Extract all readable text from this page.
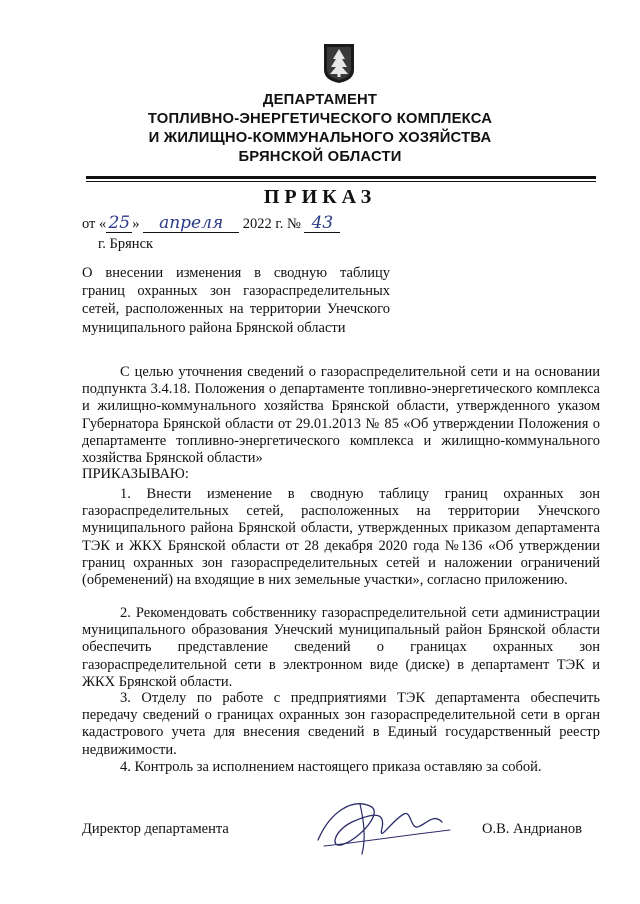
ДЕПАРТАМЕНТ
ТОПЛИВНО-ЭНЕРГЕТИЧЕСКОГО КОМПЛЕКСА
И ЖИЛИЩНО-КОММУНАЛЬНОГО ХОЗЯЙСТВА
БРЯНСКОЙ ОБЛАСТИ
ПРИКАЗ
от « 25 » апреля 2022 г. № 43
г. Брянск
О внесении изменения в сводную таблицу границ охранных зон газораспределительных сетей, расположенных на территории Унечского муниципального района Брянской области
С целью уточнения сведений о газораспределительной сети и на основании подпункта 3.4.18. Положения о департаменте топливно-энергетического комплекса и жилищно-коммунального хозяйства Брянской области, утвержденного указом Губернатора Брянской области от 29.01.2013 № 85 «Об утверждении Положения о департаменте топливно-энергетического комплекса и жилищно-коммунального хозяйства Брянской области»
ПРИКАЗЫВАЮ:
1. Внести изменение в сводную таблицу границ охранных зон газораспределительных сетей, расположенных на территории Унечского муниципального района Брянской области, утвержденных приказом департамента ТЭК и ЖКХ Брянской области от 28 декабря 2020 года №136 «Об утверждении границ охранных зон газораспределительных сетей и наложении ограничений (обременений) на входящие в них земельные участки», согласно приложению.
2. Рекомендовать собственнику газораспределительной сети администрации муниципального образования Унечский муниципальный район Брянской области обеспечить представление сведений о границах охранных зон газораспределительной сети в электронном виде (диске) в департамент ТЭК и ЖКХ Брянской области.
3. Отделу по работе с предприятиями ТЭК департамента обеспечить передачу сведений о границах охранных зон газораспределительной сети в орган кадастрового учета для внесения сведений в Единый государственный реестр недвижимости.
4. Контроль за исполнением настоящего приказа оставляю за собой.
Директор департамента	О.В. Андрианов
